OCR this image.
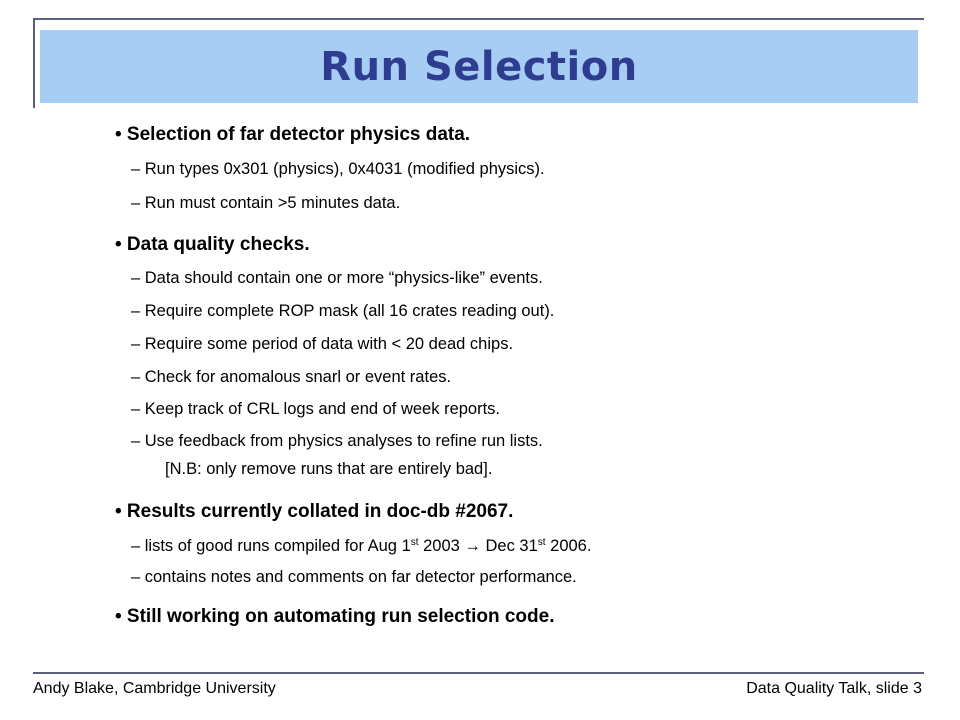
Run Selection
• Selection of far detector physics data.
– Run types 0x301 (physics), 0x4031 (modified physics).
– Run must contain >5 minutes data.
• Data quality checks.
– Data should contain one or more “physics-like” events.
– Require complete ROP mask (all 16 crates reading out).
– Require some period of data with < 20 dead chips.
– Check for anomalous snarl or event rates.
– Keep track of CRL logs and end of week reports.
– Use feedback from physics analyses to refine run lists.
[N.B: only remove runs that are entirely bad].
• Results currently collated in doc-db #2067.
– lists of good runs compiled for Aug 1st 2003 → Dec 31st 2006.
– contains notes and comments on far detector performance.
• Still working on automating run selection code.
Andy Blake, Cambridge University	Data Quality Talk, slide 3
